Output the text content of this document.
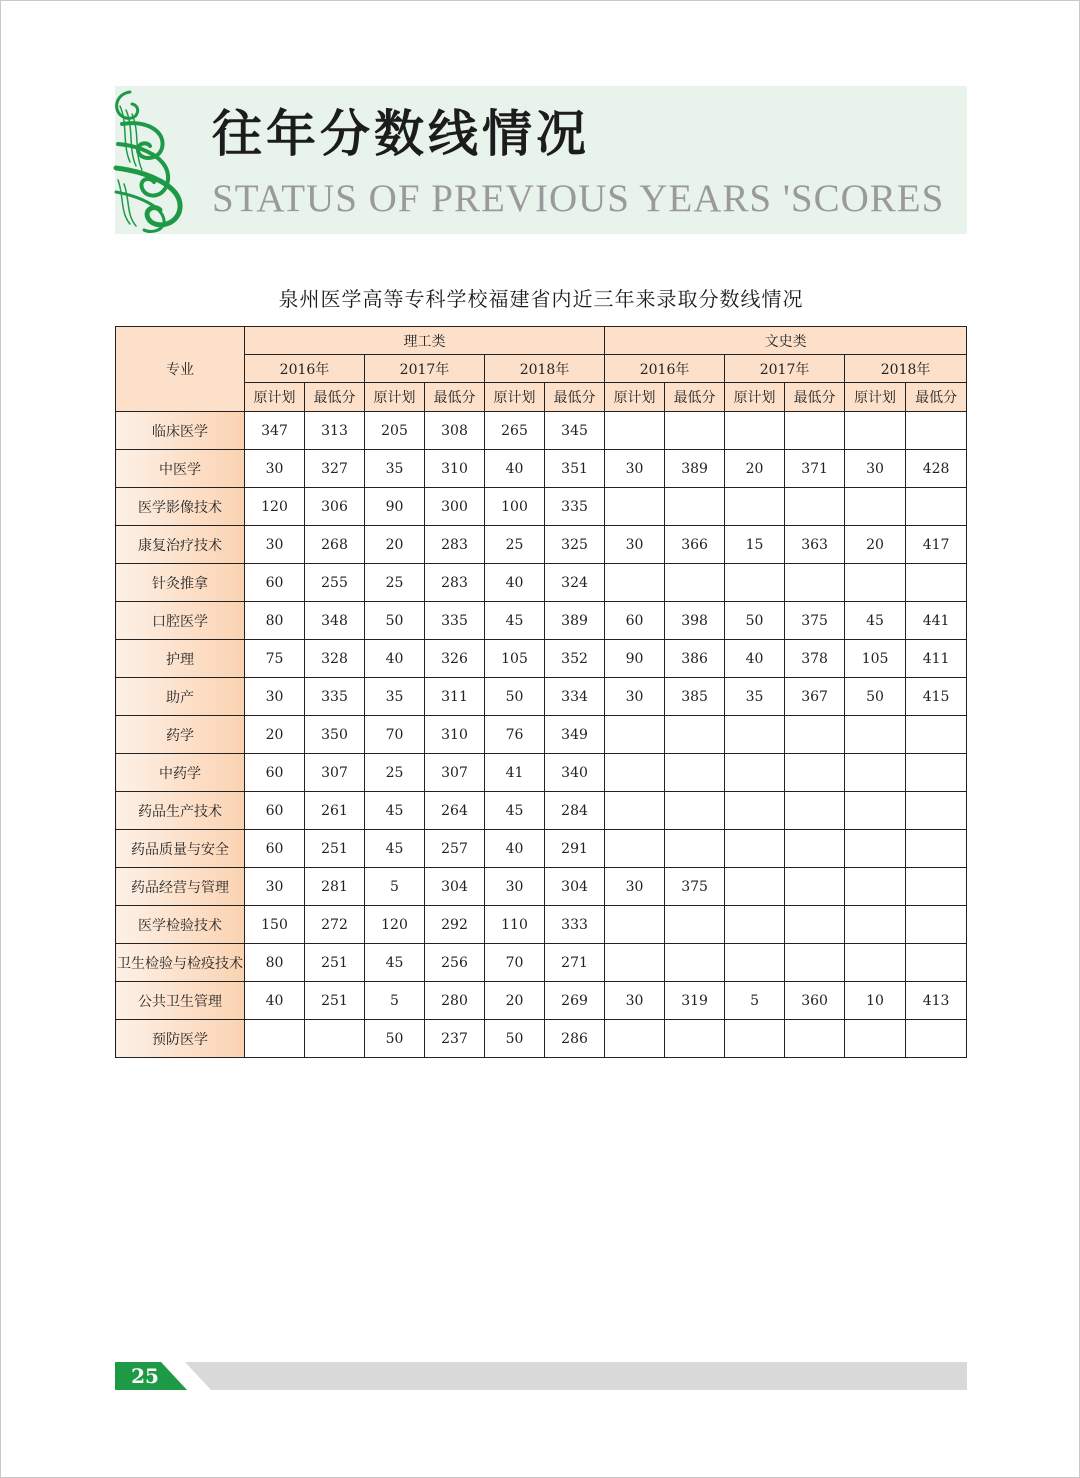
往年分数线情况
STATUS OF PREVIOUS YEARS 'SCORES
泉州医学高等专科学校福建省内近三年来录取分数线情况
专业	理工类						文史类					
	2016年		2017年		2018年		2016年		2017年		2018年	
	原计划	最低分	原计划	最低分	原计划	最低分	原计划	最低分	原计划	最低分	原计划	最低分
临床医学	347	313	205	308	265	345						
中医学	30	327	35	310	40	351	30	389	20	371	30	428
医学影像技术	120	306	90	300	100	335						
康复治疗技术	30	268	20	283	25	325	30	366	15	363	20	417
针灸推拿	60	255	25	283	40	324						
口腔医学	80	348	50	335	45	389	60	398	50	375	45	441
护理	75	328	40	326	105	352	90	386	40	378	105	411
助产	30	335	35	311	50	334	30	385	35	367	50	415
药学	20	350	70	310	76	349						
中药学	60	307	25	307	41	340						
药品生产技术	60	261	45	264	45	284						
药品质量与安全	60	251	45	257	40	291						
药品经营与管理	30	281	5	304	30	304	30	375				
医学检验技术	150	272	120	292	110	333						
卫生检验与检疫技术	80	251	45	256	70	271						
公共卫生管理	40	251	5	280	20	269	30	319	5	360	10	413
预防医学			50	237	50	286						
25
